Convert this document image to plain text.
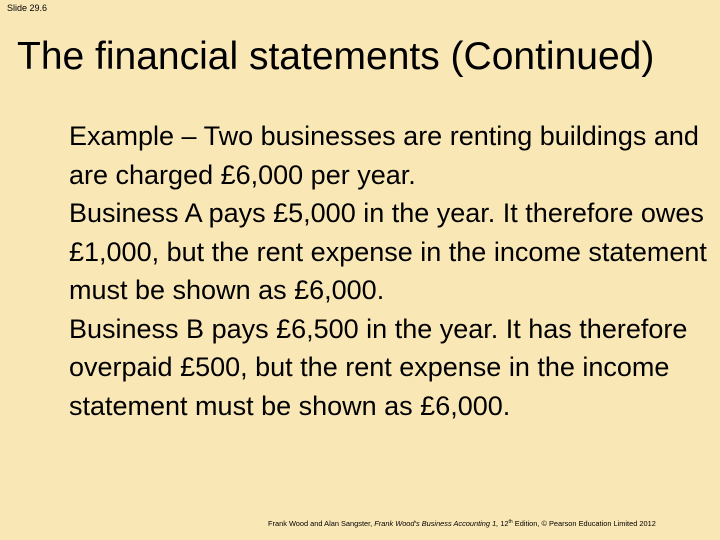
Slide 29.6
The financial statements (Continued)

Example – Two businesses are renting buildings and are charged £6,000 per year.

Business A pays £5,000 in the year. It therefore owes £1,000, but the rent expense in the income statement must be shown as £6,000.

Business B pays £6,500 in the year. It has therefore overpaid £500, but the rent expense in the income statement must be shown as £6,000.

Frank Wood and Alan Sangster, Frank Wood's Business Accounting 1, 12th Edition, © Pearson Education Limited 2012
